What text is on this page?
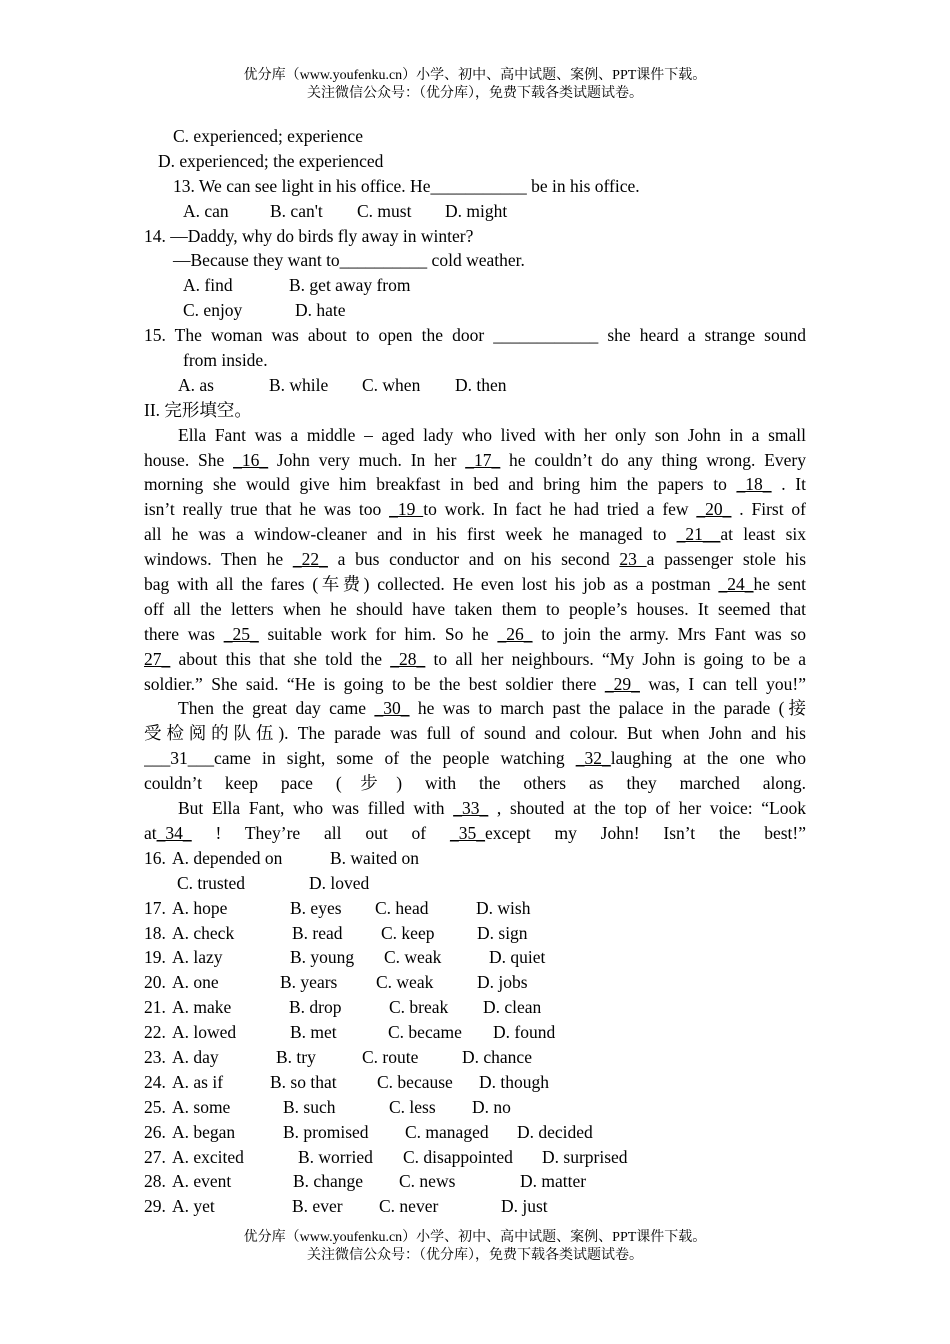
优分库（www.youfenku.cn）小学、初中、高中试题、案例、PPT课件下载。
关注微信公众号：（优分库），免费下载各类试题试卷。
C. experienced; experience
D. experienced; the experienced
13. We can see light in his office. He___________ be in his office.
A. can B. can't C. must D. might
14. —Daddy, why do birds fly away in winter?
—Because they want to__________ cold weather.
A. find	B. get away from
C. enjoy	D. hate
15. The woman was about to open the door ____________ she heard a strange sound
from inside.
A. as	B. while C. when D. then
II. 完形填空。
Ella Fant was a middle – aged lady who lived with her only son John in a small
house. She _16_ John very much. In her _17_ he couldn’t do any thing wrong. Every
morning she would give him breakfast in bed and bring him the papers to _18_ . It
isn’t really true that he was too _19 to work. In fact he had tried a few _20_ . First of
all he was a window-cleaner and in his first week he managed to _21__at least six
windows. Then he _22_ a bus conductor and on his second 23 a passenger stole his
bag with all the fares (车费) collected. He even lost his job as a postman _24_he sent
off all the letters when he should have taken them to people’s houses. It seemed that
there was _25_ suitable work for him. So he _26_ to join the army. Mrs Fant was so
27_ about this that she told the _28_ to all her neighbours. “My John is going to be a
soldier.” She said. “He is going to be the best soldier there _29_ was, I can tell you!”
Then the great day came _30_ he was to march past the palace in the parade (接
受检阅的队伍). The parade was full of sound and colour. But when John and his
___31___came in sight, some of the people watching _32_laughing at the one who
couldn’t keep pace (步) with the others as they marched along.
But Ella Fant, who was filled with _33_ , shouted at the top of her voice: “Look
at_34_ ! They’re all out of _35_except my John! Isn’t the best!”
16. A. depended on	B. waited on
C. trusted	D. loved
17. A. hope	B. eyes C. head	D. wish
18. A. check	B. read C. keep D. sign
19. A. lazy	B. young C. weak	D. quiet
20. A. one	B. years C. weak D. jobs
21. A. make	B. drop	C. break D. clean
22. A. lowed	B. met	C. became D. found
23. A. day	B. try	C. route D. chance
24. A. as if	B. so that C. because D. though
25. A. some	B. such	C. less D. no
26. A. began	B. promised C. managed D. decided
27. A. excited	B. worried C. disappointed D. surprised
28. A. event	B. change C. news	D. matter
29. A. yet	B. ever C. never	D. just
优分库（www.youfenku.cn）小学、初中、高中试题、案例、PPT课件下载。
关注微信公众号：（优分库），免费下载各类试题试卷。
